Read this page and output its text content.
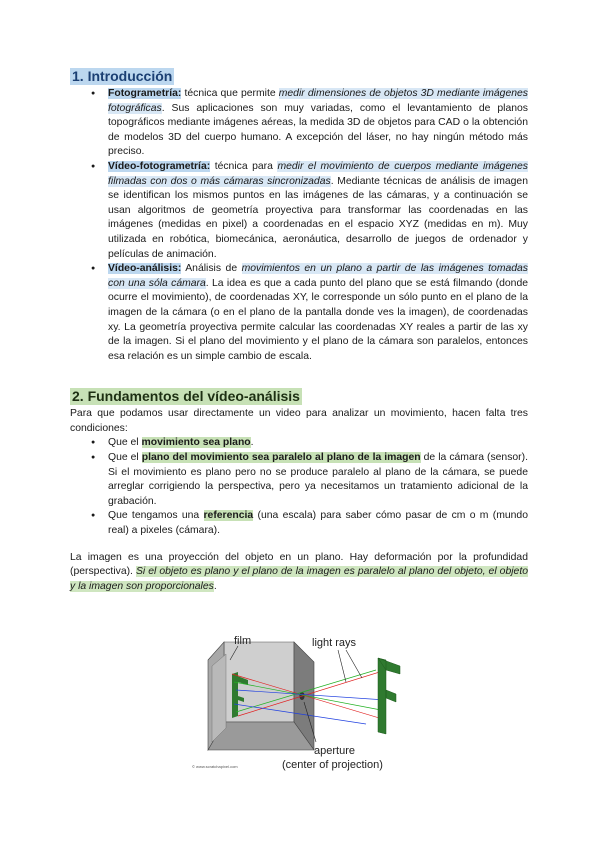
1. Introducción
● Fotogrametría: técnica que permite medir dimensiones de objetos 3D mediante imágenes fotográficas. Sus aplicaciones son muy variadas, como el levantamiento de planos topográficos mediante imágenes aéreas, la medida 3D de objetos para CAD o la obtención de modelos 3D del cuerpo humano. A excepción del láser, no hay ningún método más preciso.
● Vídeo-fotogrametría: técnica para medir el movimiento de cuerpos mediante imágenes filmadas con dos o más cámaras sincronizadas. Mediante técnicas de análisis de imagen se identifican los mismos puntos en las imágenes de las cámaras, y a continuación se usan algoritmos de geometría proyectiva para transformar las coordenadas en las imágenes (medidas en pixel) a coordenadas en el espacio XYZ (medidas en m). Muy utilizada en robótica, biomecánica, aeronáutica, desarrollo de juegos de ordenador y películas de animación.
● Vídeo-análisis: Análisis de movimientos en un plano a partir de las imágenes tomadas con una sóla cámara. La idea es que a cada punto del plano que se está filmando (donde ocurre el movimiento), de coordenadas XY, le corresponde un sólo punto en el plano de la imagen de la cámara (o en el plano de la pantalla donde ves la imagen), de coordenadas xy. La geometría proyectiva permite calcular las coordenadas XY reales a partir de las xy de la imagen. Si el plano del movimiento y el plano de la cámara son paralelos, entonces esa relación es un simple cambio de escala.
2. Fundamentos del vídeo-análisis

Para que podamos usar directamente un video para analizar un movimiento, hacen falta tres condiciones:

● Que el movimiento sea plano.
● Que el plano del movimiento sea paralelo al plano de la imagen de la cámara (sensor). Si el movimiento es plano pero no se produce paralelo al plano de la cámara, se puede arreglar corrigiendo la perspectiva, pero ya necesitamos un tratamiento adicional de la grabación.
● Que tengamos una referencia (una escala) para saber cómo pasar de cm o m (mundo real) a pixeles (cámara).

La imagen es una proyección del objeto en un plano. Hay deformación por la profundidad (perspectiva). Si el objeto es plano y el plano de la imagen es paralelo al plano del objeto, el objeto y la imagen son proporcionales.

film	light rays
aperture
(center of projection)
© www.scratchapixel.com
